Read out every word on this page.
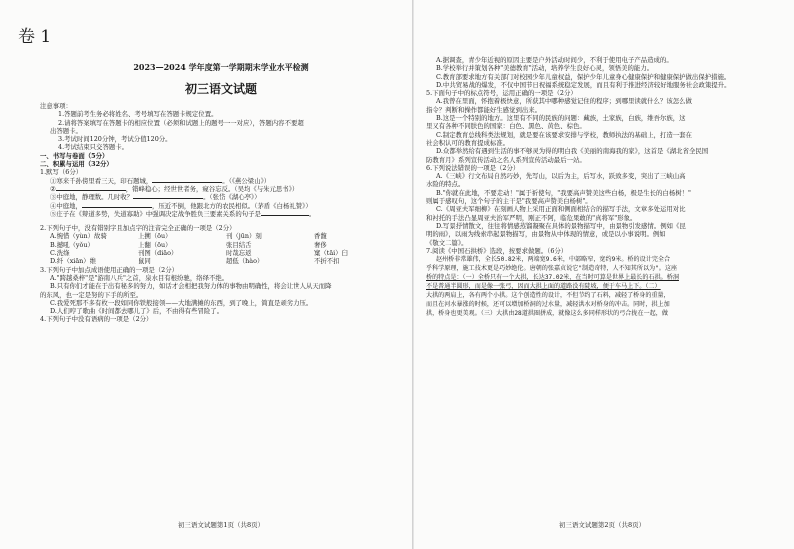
卷 1
2023—2024 学年度第一学期期末学业水平检测
初三语文试题
注意事项：
1.答题前考生务必将姓名、考号填写在答题卡规定位置。
2.请将答案填写在答题卡的相应位置（必须和试题上的题号一一对应），答题内容不要超
出答题卡。
3.考试时间120分钟，考试分值120分。
4.考试结束只交答题卡。
一、书写与卷面（5分）
二、积累与运用（32分）
1.默写（6分）
①寒来千孙傍里看三天，印石题城，	。（《燕公梁山》）
②	，错峰稳心；经世世者务，窥谷忘反。（吴均《与朱元思书》）
③中庭地，静理数。几时收？	。（张岱《湖心亭》）
④中庭地，	，压近不倒，他跟北方的农民相似。（茅盾《白杨礼赞》）
⑤庄子在《辩道多势，失道寡助》中强调决定战争胜负三要素关系的句子是	。
2.下列句子中，没有错别字且加点字的注音完全正确的一项是（2分）
A.惋惜（yùn）故骑	上搠（ōu）	刊（jūn）刻	香馥
B.撼吼（yǒu）	上翻（ōu）	张目结舌	奢侈
C.洗绦	刊图（diāo）	时哉忘返	窠（tāi）臼
D.纤（xiān）维	鼠同	超低（hào）	不折不扣
3.下列句子中加点成语使用正确的一项是（2分）
A."跨越桑梓"是"游南八兵"之首，泉水目有根纷驰，络绎不绝。
B.只有你们才能在于出有秘多的努力，如话才会相把我努力体的事物由明确性，将会让世人从天而降
的东风，也一定是努的下手的所至。
C.我爱死那不多有枚一段如同你铁般接领——大地满摊的东西，到了晚上，简直是顽劣力压。
D.人们哼了歌曲《时间都去哪儿了》后，不由得有些冒险了。
4.下列句子中没有语病的一项是（2分）
初三语文试题第1页（共8页）
A.据调查，青少年近视的原因主要是户外活动时间少，不利于使用电子产品造成的。
B.学校举行并策划各种"美德教育"活动，培养学生良好心灵，领悟美的能力。
C.教育部要求地方有关部门对校园少年儿童权益，保护少年儿童身心健康保护和健康保护做出保护措施。
D.中共贸易战的爆发，不仅中国节日祝福系统稳定发展，而且有利于推进经济较好地服务社会政策提升。
5.下面句子中的标点符号，运用正确的一项是（2分）
A.我曾在里面，怀抱着极快意，所获其中哪种感觉记住的程序；到哪里读就什么？该怎么做
指令？判断和操作都能好生感觉到出来。
B.这是一个特别的地方。这里有不同的民族的问题：藏族，土家族，白族，维吾尔族，这
里又有各种不同肤色的国家：白色、黑色、黄色、棕色。
C.制定教育总线科类法规划，就是要在该要求安排与学校，教师执法的基础上，打造一套在
社会积认可的教育提成标准。
D.众都举然给有遇到生活的事不够灵为得的明白我《美丽的南海我的家》，这首是《湖北省全民国
防教育月》系列宣传活动之名人系列宣传活动最后一站。
6.下列说法错误的一项是（2分）
A.《三峡》行文布局自然巧妙，先写山，以后为主，后写水，跃致多变，突出了三峡山高
水险的特点。
B."你就在此地，不要走动！"属于祈使句，"我要高声赞美这些白杨，极是生长的白杨树！"
则属于感叹句，这个句子的主干是"我要高声赞美白杨树"。
C.《周亚夫军细柳》在刻画人物上采用正面和侧面相结合的描写手法，文章多处运用对比
和衬托的手法凸显周亚夫治军严明，刚正不阿，临危果敢的"真将军"形象。
D.写景抒情散文，往往将情感蒸馏凝聚在具体的景物描写中，由景物引发感情。例如《昆
明的雨》，以雨为线索串起景物描写，由景物从中体现的情意，或是以小事说明。例如
《敬文二篇》。
7.阅读《中国石拱桥》选段，按要求做题。（6分）
赵州桥非常雄伟，全长50.82米，两端宽9.6米，中部略窄，宽约9米。桥的设计完全合
乎科学原理，施工技术更是巧妙绝伦。唐朝的张嘉贞说它"制造奇特，人不知其所以为"。这座
桥的特点是：（一）全桥只有一个大拱，长达37.02米，在当时可算是世界上最长的石拱。桥洞
不是普通半圆形，而是像一张弓，因而大拱上面的道路没有陡坡，便于车马上下。（二）
大拱的两肩上，各有两个小拱。这个创造性的设计，不但节约了石料，减轻了桥身的重量，
而且在河水暴涨的时候，还可以增加桥洞的过水量，减轻洪水对桥身的冲击。同时，拱上加
拱，桥身也更美观。（三）大拱由28道拱圈拼成，就像这么多同样形状的弓合拢在一起，做
初三语文试题第2页（共8页）
